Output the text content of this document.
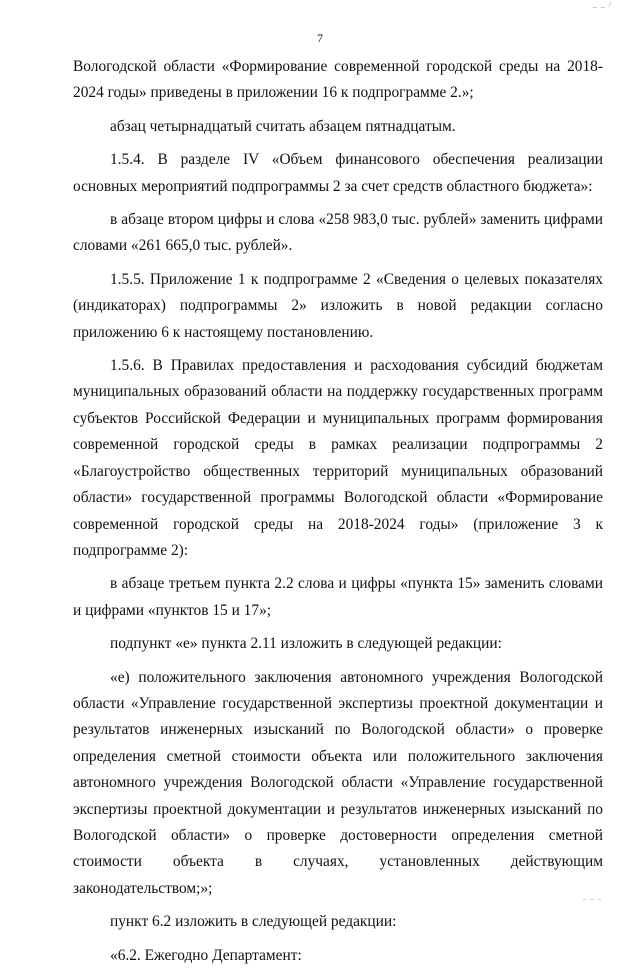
_ _ /
7

Вологодской области «Формирование современной городской среды на 2018-2024 годы» приведены в приложении 16 к подпрограмме 2.»;

абзац четырнадцатый считать абзацем пятнадцатым.

1.5.4. В разделе IV «Объем финансового обеспечения реализации основных мероприятий подпрограммы 2 за счет средств областного бюджета»:

в абзаце втором цифры и слова «258 983,0 тыс. рублей» заменить цифрами словами «261 665,0 тыс. рублей».

1.5.5. Приложение 1 к подпрограмме 2 «Сведения о целевых показателях (индикаторах) подпрограммы 2» изложить в новой редакции согласно приложению 6 к настоящему постановлению.

1.5.6. В Правилах предоставления и расходования субсидий бюджетам муниципальных образований области на поддержку государственных программ субъектов Российской Федерации и муниципальных программ формирования современной городской среды в рамках реализации подпрограммы 2 «Благоустройство общественных территорий муниципальных образований области» государственной программы Вологодской области «Формирование современной городской среды на 2018-2024 годы» (приложение 3 к подпрограмме 2):

в абзаце третьем пункта 2.2 слова и цифры «пункта 15» заменить словами и цифрами «пунктов 15 и 17»;

подпункт «е» пункта 2.11 изложить в следующей редакции:

«е) положительного заключения автономного учреждения Вологодской области «Управление государственной экспертизы проектной документации и результатов инженерных изысканий по Вологодской области» о проверке определения сметной стоимости объекта или положительного заключения автономного учреждения Вологодской области «Управление государственной экспертизы проектной документации и результатов инженерных изысканий по Вологодской области» о проверке достоверности определения сметной стоимости объекта в случаях, установленных действующим законодательством;»;

пункт 6.2 изложить в следующей редакции:

«6.2. Ежегодно Департамент:

_ _ _
